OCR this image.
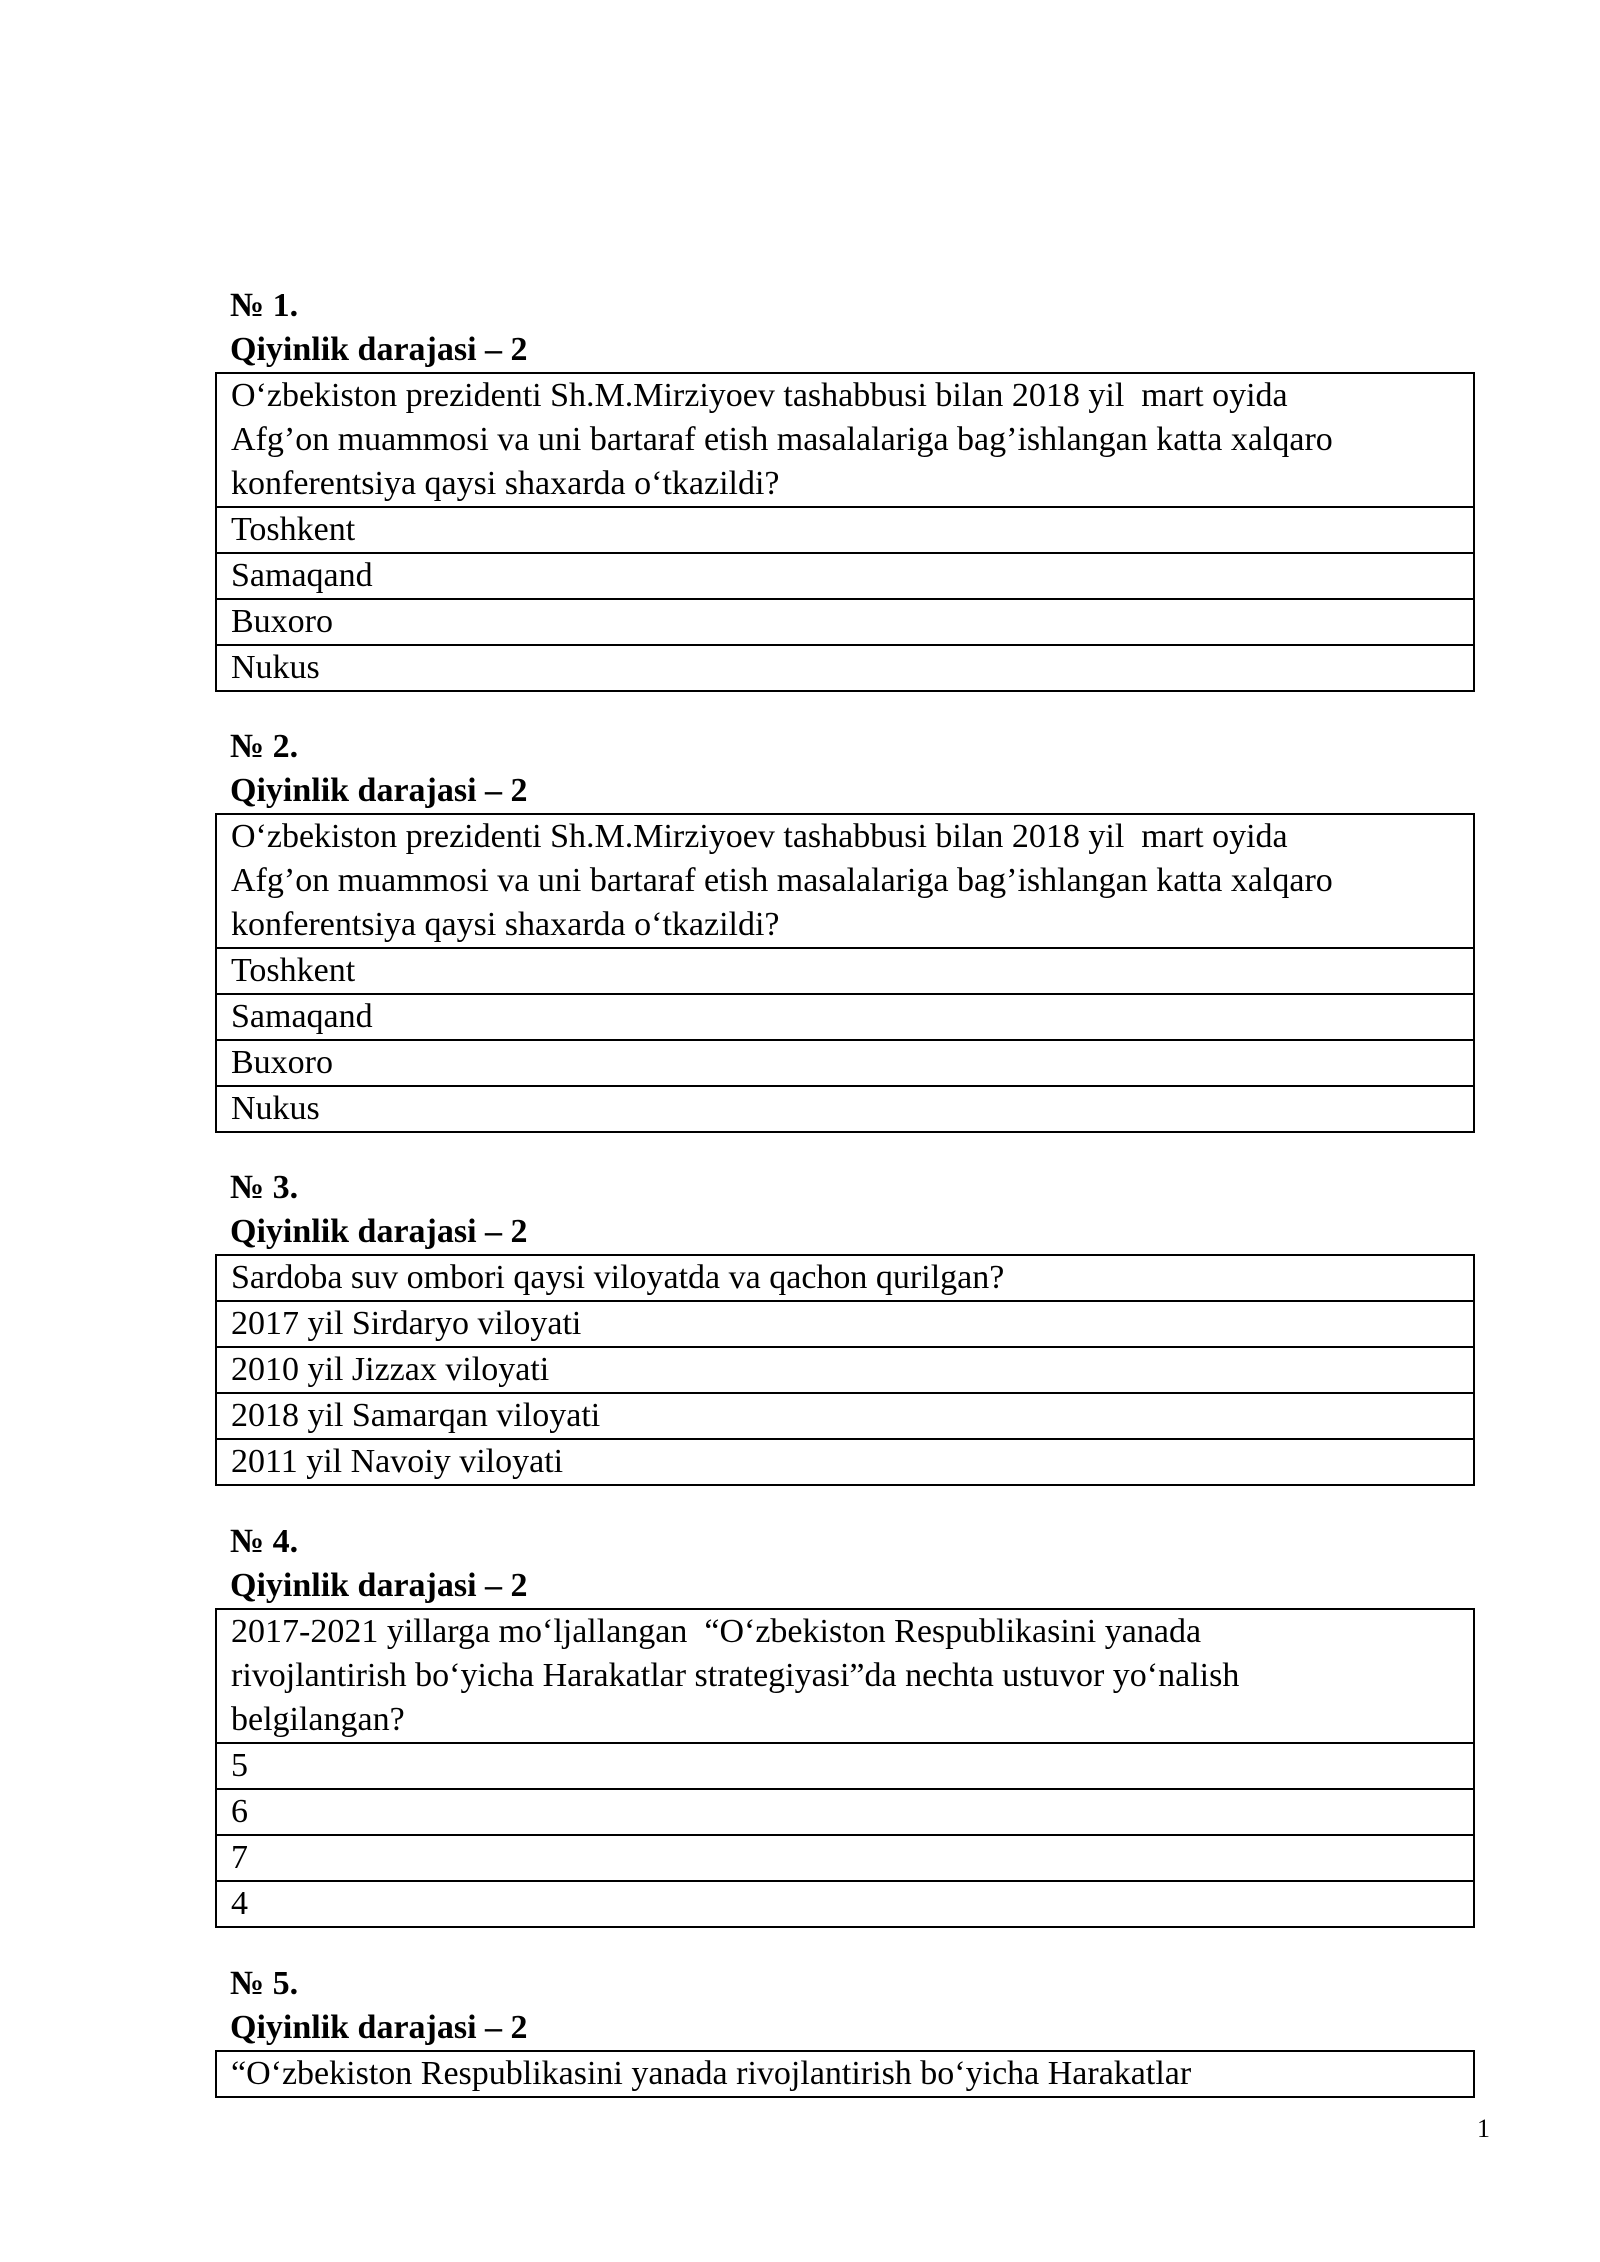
№ 1.
Qiyinlik darajasi – 2
O‘zbekiston prezidenti Sh.M.Mirziyoev tashabbusi bilan 2018 yil  mart oyida
Afg’on muammosi va uni bartaraf etish masalalariga bag’ishlangan katta xalqaro
konferentsiya qaysi shaxarda o‘tkazildi?
Toshkent
Samaqand
Buxoro
Nukus
№ 2.
Qiyinlik darajasi – 2
O‘zbekiston prezidenti Sh.M.Mirziyoev tashabbusi bilan 2018 yil  mart oyida
Afg’on muammosi va uni bartaraf etish masalalariga bag’ishlangan katta xalqaro
konferentsiya qaysi shaxarda o‘tkazildi?
Toshkent
Samaqand
Buxoro
Nukus
№ 3.
Qiyinlik darajasi – 2
Sardoba suv ombori qaysi viloyatda va qachon qurilgan?
2017 yil Sirdaryo viloyati
2010 yil Jizzax viloyati
2018 yil Samarqan viloyati
2011 yil Navoiy viloyati
№ 4.
Qiyinlik darajasi – 2
2017-2021 yillarga mo‘ljallangan  “O‘zbekiston Respublikasini yanada
rivojlantirish bo‘yicha Harakatlar strategiyasi”da nechta ustuvor yo‘nalish
belgilangan?
5
6
7
4
№ 5.
Qiyinlik darajasi – 2
“O‘zbekiston Respublikasini yanada rivojlantirish bo‘yicha Harakatlar
1
